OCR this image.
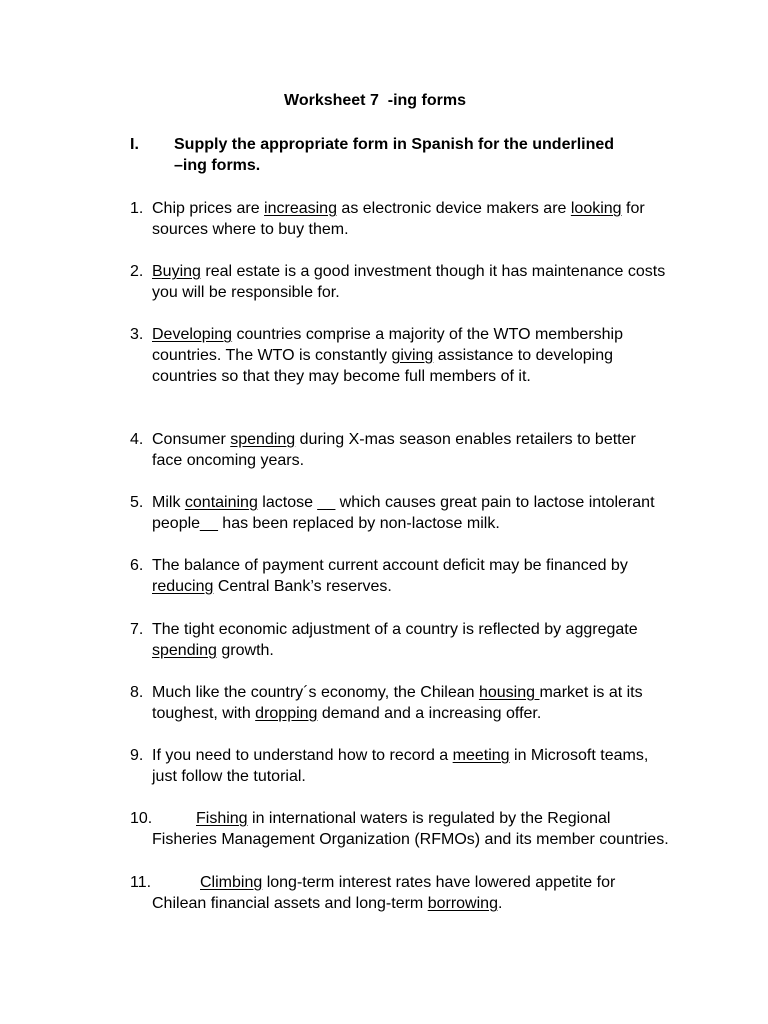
Worksheet 7  -ing forms
I. Supply the appropriate form in Spanish for the underlined
–ing forms.
1. Chip prices are increasing as electronic device makers are looking for sources where to buy them.
2. Buying real estate is a good investment though it has maintenance costs you will be responsible for.
3. Developing countries comprise a majority of the WTO membership countries. The WTO is constantly giving assistance to developing countries so that they may become full members of it.
4. Consumer spending during X-mas season enables retailers to better face oncoming years.
5. Milk containing lactose __ which causes great pain to lactose intolerant people__ has been replaced by non-lactose milk.
6. The balance of payment current account deficit may be financed by reducing Central Bank’s reserves.
7. The tight economic adjustment of a country is reflected by aggregate spending growth.
8. Much like the country´s economy, the Chilean housing market is at its toughest, with dropping demand and a increasing offer.
9. If you need to understand how to record a meeting in Microsoft teams, just follow the tutorial.
10.	Fishing in international waters is regulated by the Regional Fisheries Management Organization (RFMOs) and its member countries.
11.	Climbing long-term interest rates have lowered appetite for Chilean financial assets and long-term borrowing.
